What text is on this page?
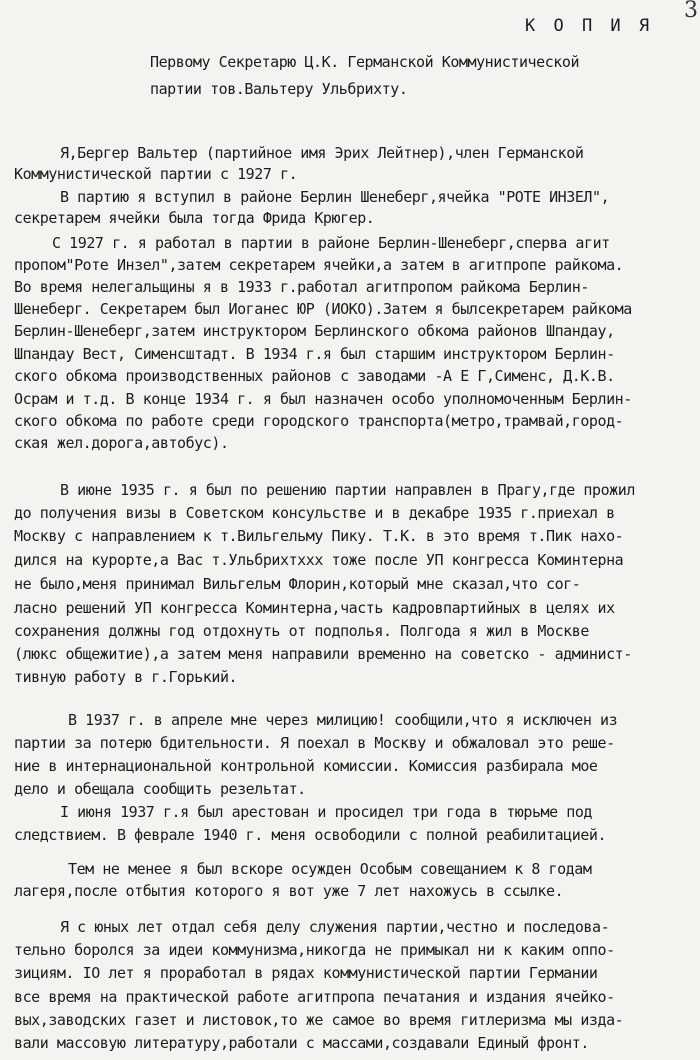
3

К О П И Я

Первому Секретарю Ц.К. Германской Коммунистической

партии тов.Вальтеру Ульбрихту.

Я,Бергер Вальтер (партийное имя Эрих Лейтнер),член Германской

Коммунистической партии с 1927 г.

В партию я вступил в районе Берлин Шенеберг,ячейка "РОТЕ ИНЗЕЛ",

секретарем ячейки была тогда Фрида Крюгер.

С 1927 г. я работал в партии в районе Берлин-Шенеберг,сперва агит

пропом"Роте Инзел",затем секретарем ячейки,а затем в агитпропе райкома.

Во время нелегальщины я в 1933 г.работал агитпропом райкома Берлин-

Шенеберг. Секретарем был Иоганес ЮР (ИОКО).Затем я былсекретарем райкома

Берлин-Шенеберг,затем инструктором Берлинского обкома районов Шпандау,

Шпандау Вест, Сименсштадт. В 1934 г.я был старшим инструктором Берлин-

ского обкома производственных районов с заводами -А Е Г,Сименс, Д.К.В.

Осрам и т.д. В конце 1934 г. я был назначен особо уполномоченным Берлин-

ского обкома по работе среди городского транспорта(метро,трамвай,город-

ская жел.дорога,автобус).

В июне 1935 г. я был по решению партии направлен в Прагу,где прожил

до получения визы в Советском консульстве и в декабре 1935 г.приехал в

Москву с направлением к т.Вильгельму Пику. Т.К. в это время т.Пик нахо-

дился на курорте,а Вас т.Ульбрихтxxx тоже после УП конгресса Коминтерна

не было,меня принимал Вильгельм Флорин,который мне сказал,что сог-

ласно решений УП конгресса Коминтерна,часть кадровпартийных в целях их

сохранения должны год отдохнуть от подполья. Полгода я жил в Москве

(люкс общежитие),а затем меня направили временно на советско - админист-

тивную работу в г.Горький.

В 1937 г. в апреле мне через милицию! сообщили,что я исключен из

партии за потерю бдительности. Я поехал в Москву и обжаловал это реше-

ние в интернациональной контрольной комиссии. Комиссия разбирала мое

дело и обещала сообщить резельтат.

I июня 1937 г.я был арестован и просидел три года в тюрьме под

следствием. В феврале 1940 г. меня освободили с полной реабилитацией.

Тем не менее я был вскоре осужден Особым совещанием к 8 годам

лагеря,после отбытия которого я вот уже 7 лет нахожусь в ссылке.

Я с юных лет отдал себя делу служения партии,честно и последова-

тельно боролся за идеи коммунизма,никогда не примыкал ни к каким оппо-

зициям. IO лет я проработал в рядах коммунистической партии Германии

все время на практической работе агитпропа печатания и издания ячейко-

вых,заводских газет и листовок,то же самое во время гитлеризма мы изда-

вали массовую литературу,работали с массами,создавали Единый фронт.
